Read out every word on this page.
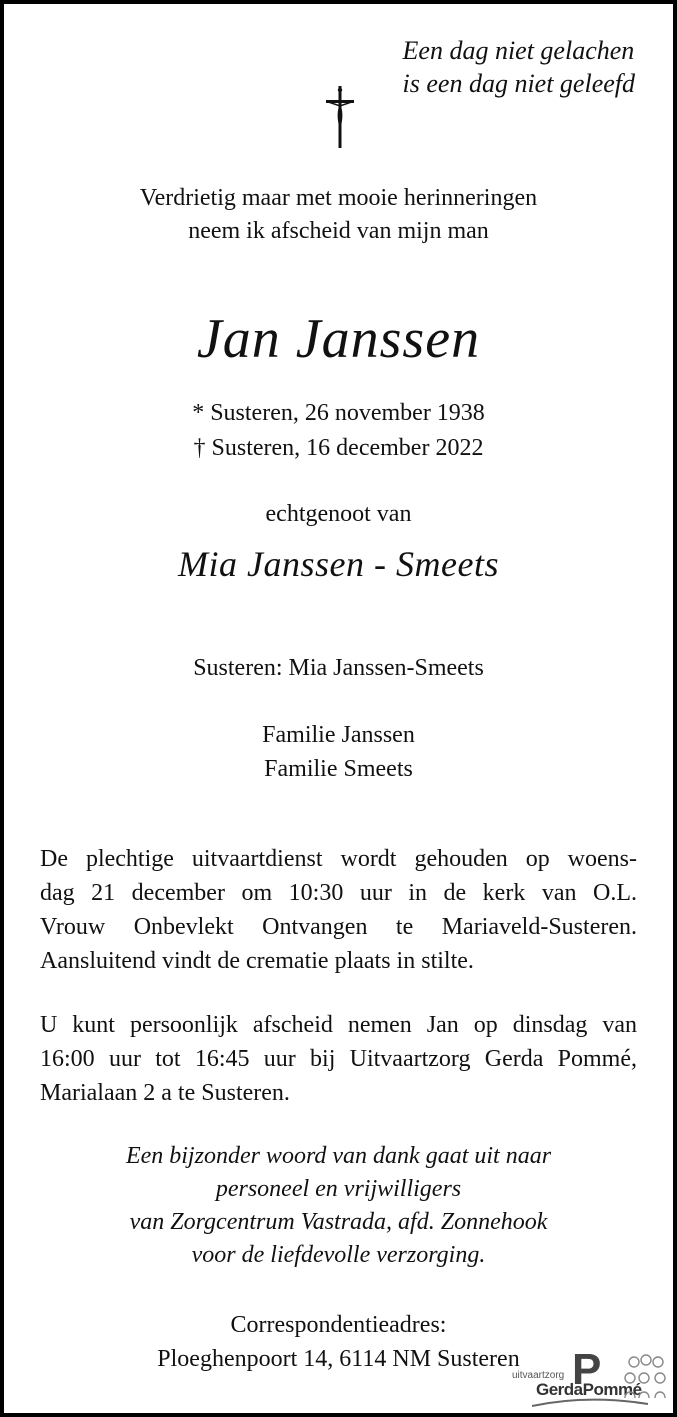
Een dag niet gelachen
is een dag niet geleefd
Verdrietig maar met mooie herinneringen
neem ik afscheid van mijn man
Jan Janssen
* Susteren, 26 november 1938
† Susteren, 16 december 2022
echtgenoot van
Mia Janssen - Smeets
Susteren: Mia Janssen-Smeets
Familie Janssen
Familie Smeets
De plechtige uitvaartdienst wordt gehouden op woens-
dag 21 december om 10:30 uur in de kerk van O.L.
Vrouw Onbevlekt Ontvangen te Mariaveld-Susteren.
Aansluitend vindt de crematie plaats in stilte.
U kunt persoonlijk afscheid nemen Jan op dinsdag van
16:00 uur tot 16:45 uur bij Uitvaartzorg Gerda Pommé,
Marialaan 2 a te Susteren.
Een bijzonder woord van dank gaat uit naar
personeel en vrijwilligers
van Zorgcentrum Vastrada, afd. Zonnehook
voor de liefdevolle verzorging.
Correspondentieadres:
Ploeghenpoort 14, 6114 NM Susteren	P
uitvaartzorg
GerdaPommé
